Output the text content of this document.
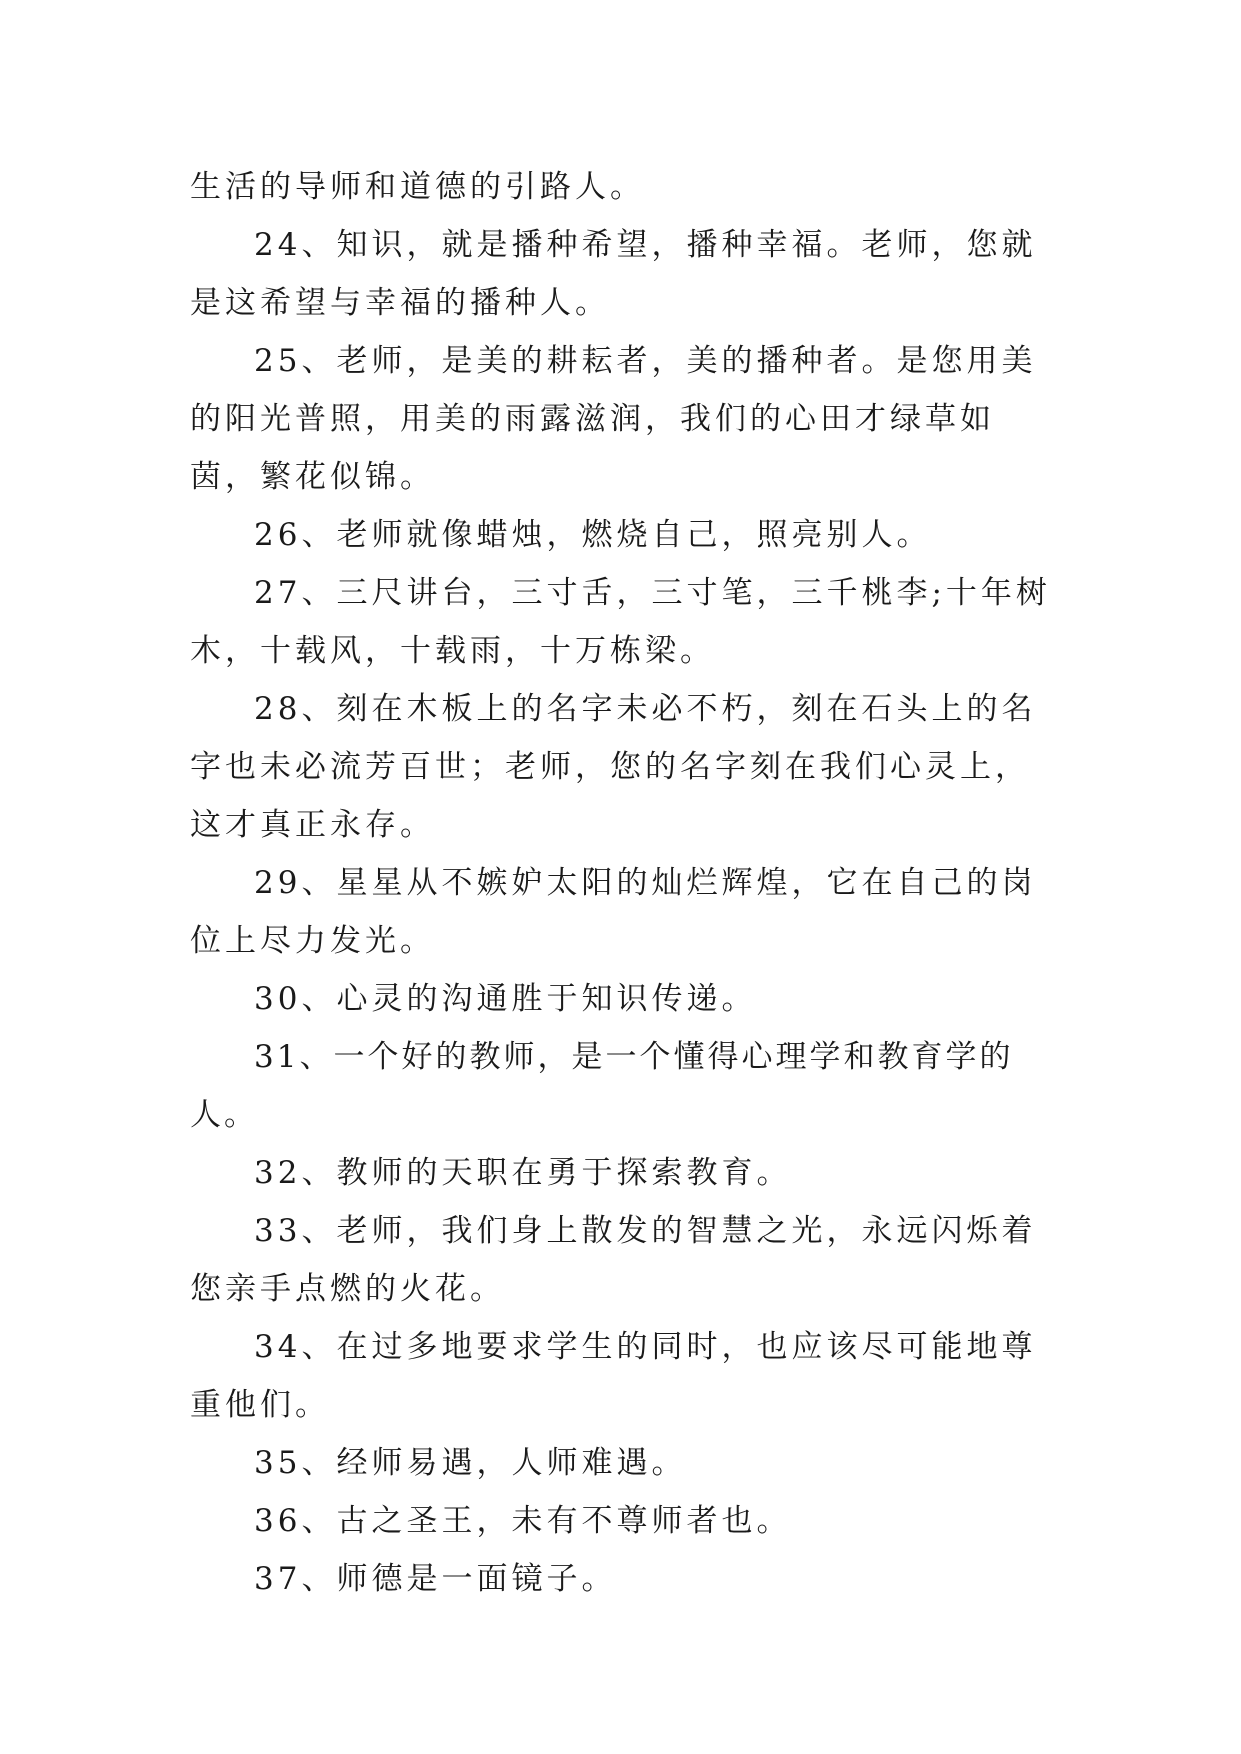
生活的导师和道德的引路人。

24、知识，就是播种希望，播种幸福。老师，您就是这希望与幸福的播种人。

25、老师，是美的耕耘者，美的播种者。是您用美的阳光普照，用美的雨露滋润，我们的心田才绿草如茵，繁花似锦。

26、老师就像蜡烛，燃烧自己，照亮别人。

27、三尺讲台，三寸舌，三寸笔，三千桃李;十年树木，十载风，十载雨，十万栋梁。

28、刻在木板上的名字未必不朽，刻在石头上的名字也未必流芳百世；老师，您的名字刻在我们心灵上，这才真正永存。

29、星星从不嫉妒太阳的灿烂辉煌，它在自己的岗位上尽力发光。

30、心灵的沟通胜于知识传递。

31、一个好的教师，是一个懂得心理学和教育学的人。

32、教师的天职在勇于探索教育。

33、老师，我们身上散发的智慧之光，永远闪烁着您亲手点燃的火花。

34、在过多地要求学生的同时，也应该尽可能地尊重他们。

35、经师易遇，人师难遇。

36、古之圣王，未有不尊师者也。

37、师德是一面镜子。
